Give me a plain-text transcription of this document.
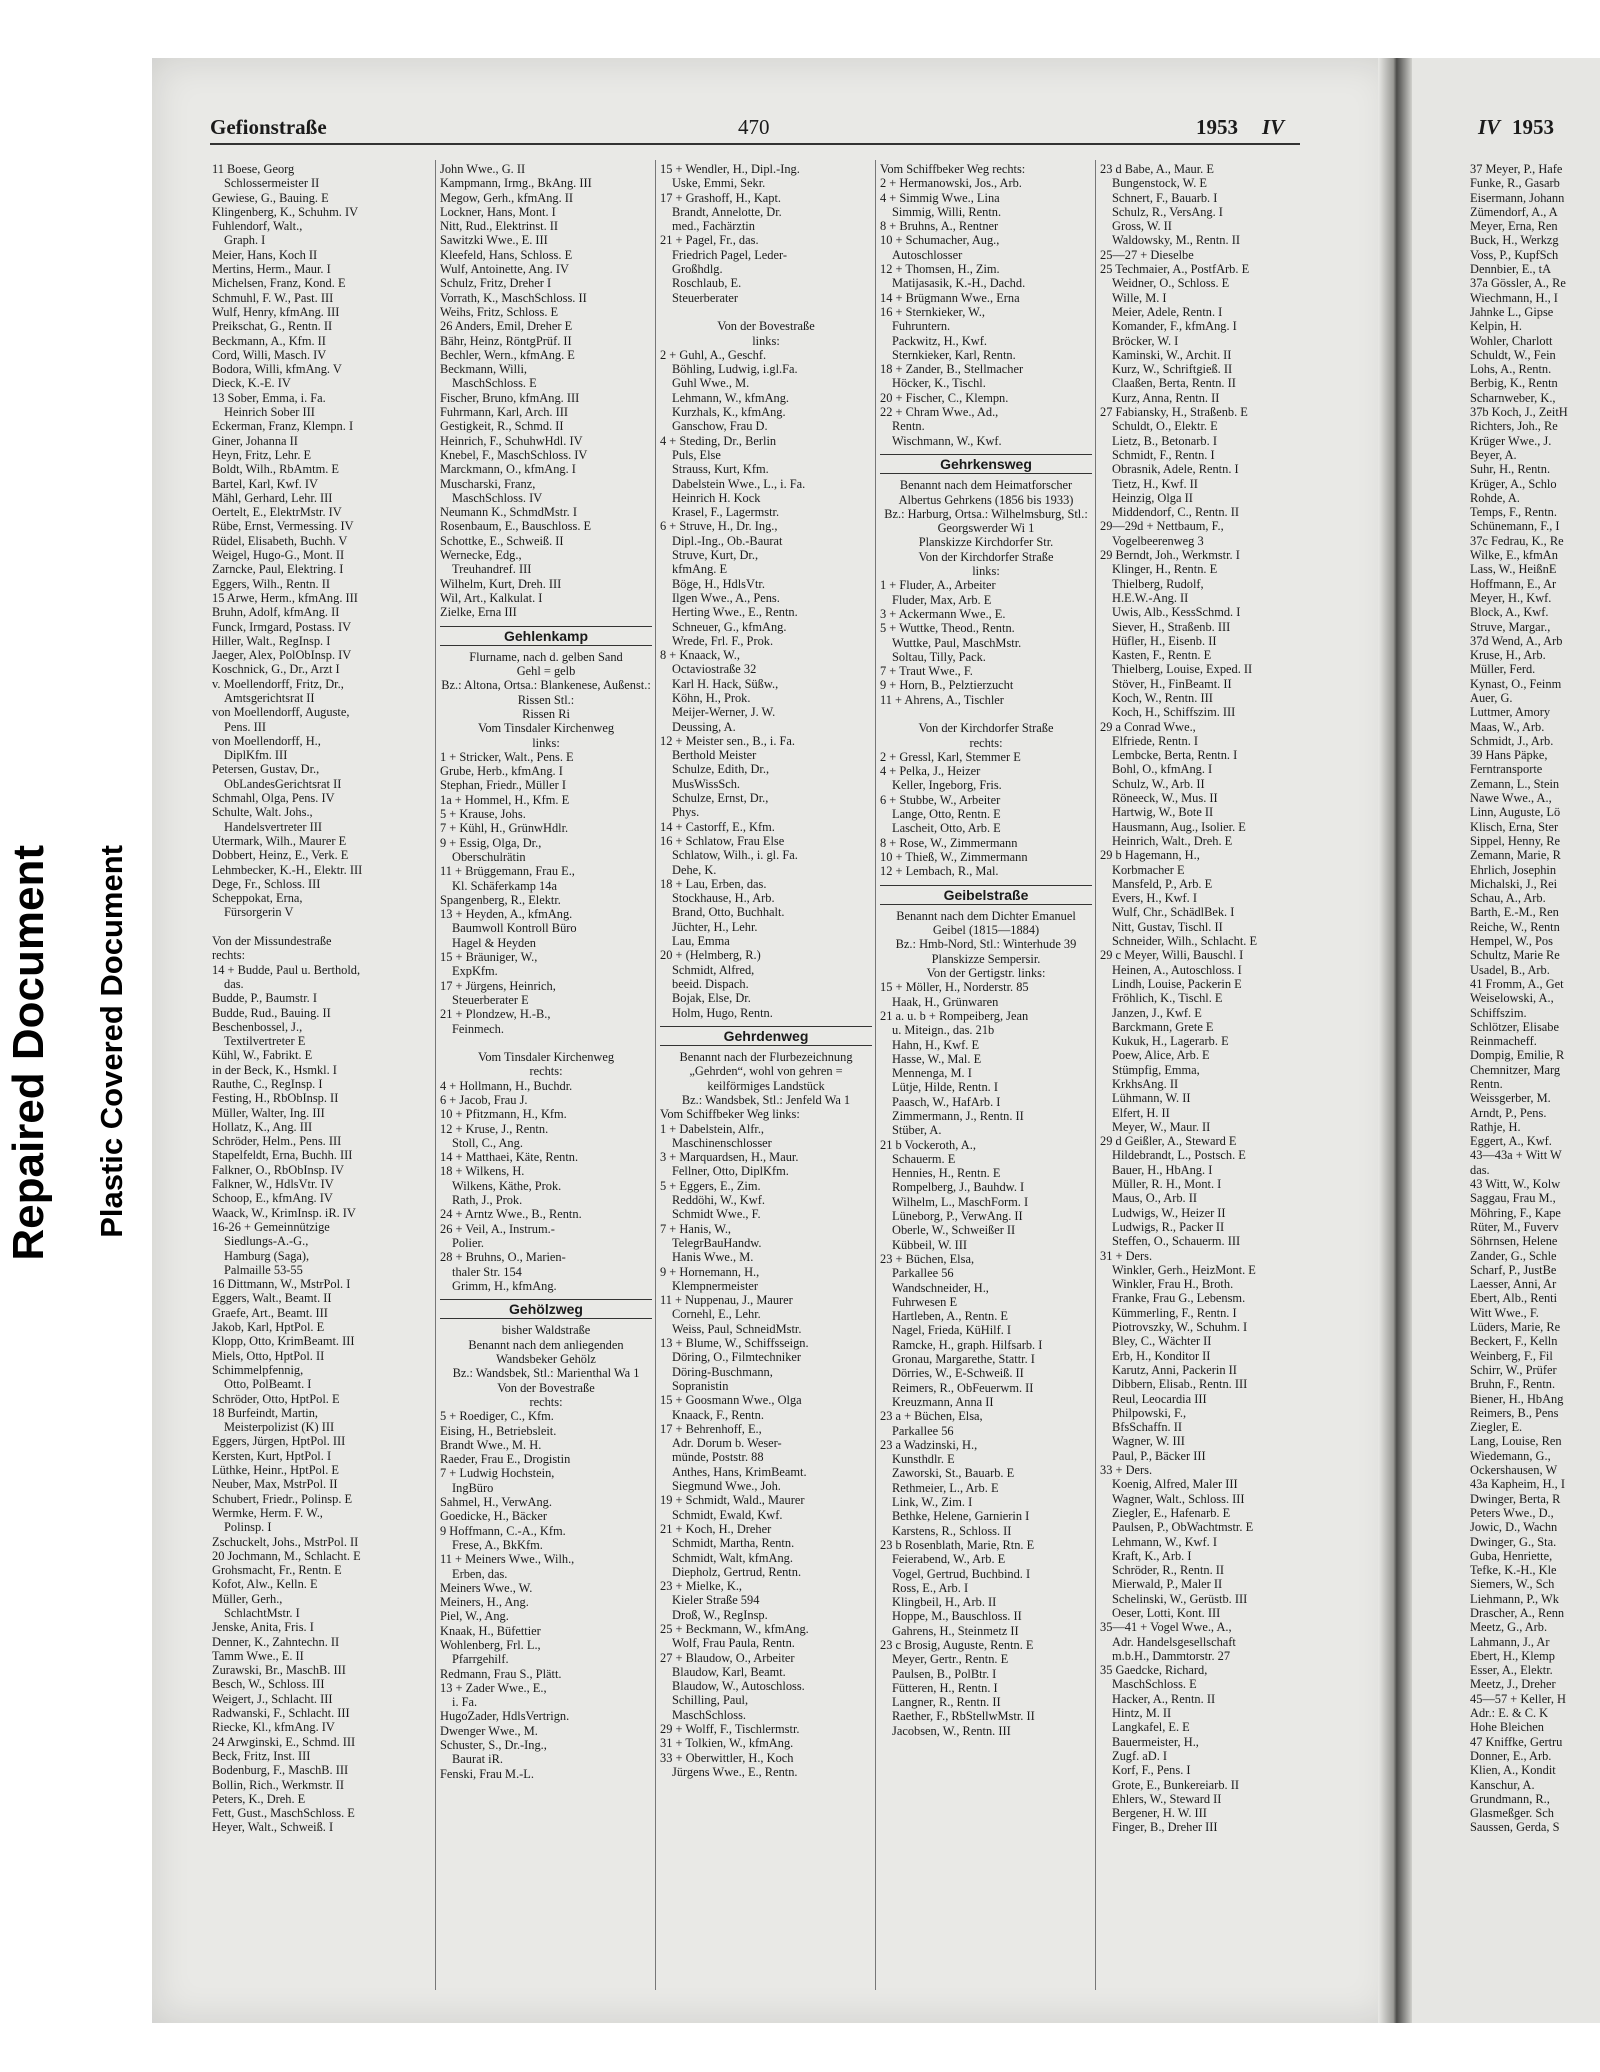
Repaired Document Plastic Covered Document
Gefionstraße	470	1953 IV	IV 1953
11 Boese, Georg
Schlossermeister II
Gewiese, G., Bauing. E
Klingenberg, K., Schuhm. IV
Fuhlendorf, Walt.,
Graph. I
Meier, Hans, Koch II
Mertins, Herm., Maur. I
Michelsen, Franz, Kond. E
Schmuhl, F. W., Past. III
Wulf, Henry, kfmAng. III
Preikschat, G., Rentn. II
Beckmann, A., Kfm. II
Cord, Willi, Masch. IV
Bodora, Willi, kfmAng. V
Dieck, K.-E. IV
13 Sober, Emma, i. Fa.
Heinrich Sober III
Eckerman, Franz, Klempn. I
Giner, Johanna II
Heyn, Fritz, Lehr. E
Boldt, Wilh., RbAmtm. E
Bartel, Karl, Kwf. IV
Mähl, Gerhard, Lehr. III
Oertelt, E., ElektrMstr. IV
Rübe, Ernst, Vermessing. IV
Rüdel, Elisabeth, Buchh. V
Weigel, Hugo-G., Mont. II
Zarncke, Paul, Elektring. I
Eggers, Wilh., Rentn. II
15 Arwe, Herm., kfmAng. III
Bruhn, Adolf, kfmAng. II
Funck, Irmgard, Postass. IV
Hiller, Walt., RegInsp. I
Jaeger, Alex, PolObInsp. IV
Koschnick, G., Dr., Arzt I
v. Moellendorff, Fritz, Dr.,
Amtsgerichtsrat II
von Moellendorff, Auguste,
Pens. III
von Moellendorff, H.,
DiplKfm. III
Petersen, Gustav, Dr.,
ObLandesGerichtsrat II
Schmahl, Olga, Pens. IV
Schulte, Walt. Johs.,
Handelsvertreter III
Utermark, Wilh., Maurer E
Dobbert, Heinz, E., Verk. E
Lehmbecker, K.-H., Elektr. III
Dege, Fr., Schloss. III
Scheppokat, Erna,
Fürsorgerin V

Von der Missundestraße
rechts:
14 + Budde, Paul u. Berthold,
das.
Budde, P., Baumstr. I
Budde, Rud., Bauing. II
Beschenbossel, J.,
Textilvertreter E
Kühl, W., Fabrikt. E
in der Beck, K., Hsmkl. I
Rauthe, C., RegInsp. I
Festing, H., RbObInsp. II
Müller, Walter, Ing. III
Hollatz, K., Ang. III
Schröder, Helm., Pens. III
Stapelfeldt, Erna, Buchh. III
Falkner, O., RbObInsp. IV
Falkner, W., HdlsVtr. IV
Schoop, E., kfmAng. IV
Waack, W., KrimInsp. iR. IV
16-26 + Gemeinnützige
Siedlungs-A.-G.,
Hamburg (Saga),
Palmaille 53-55
16 Dittmann, W., MstrPol. I
Eggers, Walt., Beamt. II
Graefe, Art., Beamt. III
Jakob, Karl, HptPol. E
Klopp, Otto, KrimBeamt. III
Miels, Otto, HptPol. II
Schimmelpfennig,
Otto, PolBeamt. I
Schröder, Otto, HptPol. E
18 Burfeindt, Martin,
Meisterpolizist (K) III
Eggers, Jürgen, HptPol. III
Kersten, Kurt, HptPol. I
Lüthke, Heinr., HptPol. E
Neuber, Max, MstrPol. II
Schubert, Friedr., Polinsp. E
Wermke, Herm. F. W.,
Polinsp. I
Zschuckelt, Johs., MstrPol. II
20 Jochmann, M., Schlacht. E
Grohsmacht, Fr., Rentn. E
Kofot, Alw., Kelln. E
Müller, Gerh.,
SchlachtMstr. I
Jenske, Anita, Fris. I
Denner, K., Zahntechn. II
Tamm Wwe., E. II
Zurawski, Br., MaschB. III
Besch, W., Schloss. III
Weigert, J., Schlacht. III
Radwanski, F., Schlacht. III
Riecke, Kl., kfmAng. IV
24 Arwginski, E., Schmd. III
Beck, Fritz, Inst. III
Bodenburg, F., MaschB. III
Bollin, Rich., Werkmstr. II
Peters, K., Dreh. E
Fett, Gust., MaschSchloss. E
Heyer, Walt., Schweiß. I
John Wwe., G. II
Kampmann, Irmg., BkAng. III
Megow, Gerh., kfmAng. II
Lockner, Hans, Mont. I
Nitt, Rud., Elektrinst. II
Sawitzki Wwe., E. III
Kleefeld, Hans, Schloss. E
Wulf, Antoinette, Ang. IV
Schulz, Fritz, Dreher I
Vorrath, K., MaschSchloss. II
Weihs, Fritz, Schloss. E
26 Anders, Emil, Dreher E
Bähr, Heinz, RöntgPrüf. II
Bechler, Wern., kfmAng. E
Beckmann, Willi,
MaschSchloss. E
Fischer, Bruno, kfmAng. III
Fuhrmann, Karl, Arch. III
Gestigkeit, R., Schmd. II
Heinrich, F., SchuhwHdl. IV
Knebel, F., MaschSchloss. IV
Marckmann, O., kfmAng. I
Muscharski, Franz,
MaschSchloss. IV
Neumann K., SchmdMstr. I
Rosenbaum, E., Bauschloss. E
Schottke, E., Schweiß. II
Wernecke, Edg.,
Treuhandref. III
Wilhelm, Kurt, Dreh. III
Wil, Art., Kalkulat. I
Zielke, Erna III
Gehlenkamp
Flurname, nach d. gelben Sand
Gehl = gelb
Bz.: Altona, Ortsa.: Blankenese, Außenst.: Rissen Stl.:
Rissen Ri
Vom Tinsdaler Kirchenweg
links:
1 + Stricker, Walt., Pens. E
Grube, Herb., kfmAng. I
Stephan, Friedr., Müller I
1a + Hommel, H., Kfm. E
5 + Krause, Johs.
7 + Kühl, H., GrünwHdlr.
9 + Essig, Olga, Dr.,
Oberschulrätin
11 + Brüggemann, Frau E.,
Kl. Schäferkamp 14a
Spangenberg, R., Elektr.
13 + Heyden, A., kfmAng.
Baumwoll Kontroll Büro
Hagel & Heyden
15 + Bräuniger, W.,
ExpKfm.
17 + Jürgens, Heinrich,
Steuerberater E
21 + Plondzew, H.-B.,
Feinmech.

Vom Tinsdaler Kirchenweg
rechts:
4 + Hollmann, H., Buchdr.
6 + Jacob, Frau J.
10 + Pfitzmann, H., Kfm.
12 + Kruse, J., Rentn.
Stoll, C., Ang.
14 + Matthaei, Käte, Rentn.
18 + Wilkens, H.
Wilkens, Käthe, Prok.
Rath, J., Prok.
24 + Arntz Wwe., B., Rentn.
26 + Veil, A., Instrum.-
Polier.
28 + Bruhns, O., Marien-
thaler Str. 154
Grimm, H., kfmAng.
Gehölzweg
bisher Waldstraße
Benannt nach dem anliegenden Wandsbeker Gehölz
Bz.: Wandsbek, Stl.: Marienthal Wa 1
Von der Bovestraße
rechts:
5 + Roediger, C., Kfm.
Eising, H., Betriebsleit.
Brandt Wwe., M. H.
Raeder, Frau E., Drogistin
7 + Ludwig Hochstein,
IngBüro
Sahmel, H., VerwAng.
Goedicke, H., Bäcker
9 Hoffmann, C.-A., Kfm.
Frese, A., BkKfm.
11 + Meiners Wwe., Wilh.,
Erben, das.
Meiners Wwe., W.
Meiners, H., Ang.
Piel, W., Ang.
Knaak, H., Büfettier
Wohlenberg, Frl. L.,
Pfarrgehilf.
Redmann, Frau S., Plätt.
13 + Zader Wwe., E.,
i. Fa.
HugoZader, HdlsVertrign.
Dwenger Wwe., M.
Schuster, S., Dr.-Ing.,
Baurat iR.
Fenski, Frau M.-L.
15 + Wendler, H., Dipl.-Ing.
Uske, Emmi, Sekr.
17 + Grashoff, H., Kapt.
Brandt, Annelotte, Dr.
med., Fachärztin
21 + Pagel, Fr., das.
Friedrich Pagel, Leder-
Großhdlg.
Roschlaub, E.
Steuerberater

Von der Bovestraße
links:
2 + Guhl, A., Geschf.
Böhling, Ludwig, i.gl.Fa.
Guhl Wwe., M.
Lehmann, W., kfmAng.
Kurzhals, K., kfmAng.
Ganschow, Frau D.
4 + Steding, Dr., Berlin
Puls, Else
Strauss, Kurt, Kfm.
Dabelstein Wwe., L., i. Fa.
Heinrich H. Kock
Krasel, F., Lagermstr.
6 + Struve, H., Dr. Ing.,
Dipl.-Ing., Ob.-Baurat
Struve, Kurt, Dr.,
kfmAng. E
Böge, H., HdlsVtr.
Ilgen Wwe., A., Pens.
Herting Wwe., E., Rentn.
Schneuer, G., kfmAng.
Wrede, Frl. F., Prok.
8 + Knaack, W.,
Octaviostraße 32
Karl H. Hack, Süßw.,
Köhn, H., Prok.
Meijer-Werner, J. W.
Deussing, A.
12 + Meister sen., B., i. Fa.
Berthold Meister
Schulze, Edith, Dr.,
MusWissSch.
Schulze, Ernst, Dr.,
Phys.
14 + Castorff, E., Kfm.
16 + Schlatow, Frau Else
Schlatow, Wilh., i. gl. Fa.
Dehe, K.
18 + Lau, Erben, das.
Stockhause, H., Arb.
Brand, Otto, Buchhalt.
Jüchter, H., Lehr.
Lau, Emma
20 + (Helmberg, R.)
Schmidt, Alfred,
beeid. Dispach.
Bojak, Else, Dr.
Holm, Hugo, Rentn.
Gehrdenweg
Benannt nach der Flurbezeichnung „Gehrden“, wohl von gehren = keilförmiges Landstück
Bz.: Wandsbek, Stl.: Jenfeld Wa 1
Vom Schiffbeker Weg links:
1 + Dabelstein, Alfr.,
Maschinenschlosser
3 + Marquardsen, H., Maur.
Fellner, Otto, DiplKfm.
5 + Eggers, E., Zim.
Reddöhi, W., Kwf.
Schmidt Wwe., F.
7 + Hanis, W.,
TelegrBauHandw.
Hanis Wwe., M.
9 + Hornemann, H.,
Klempnermeister
11 + Nuppenau, J., Maurer
Cornehl, E., Lehr.
Weiss, Paul, SchneidMstr.
13 + Blume, W., Schiffsseign.
Döring, O., Filmtechniker
Döring-Buschmann,
Sopranistin
15 + Goosmann Wwe., Olga
Knaack, F., Rentn.
17 + Behrenhoff, E.,
Adr. Dorum b. Weser-
münde, Poststr. 88
Anthes, Hans, KrimBeamt.
Siegmund Wwe., Joh.
19 + Schmidt, Wald., Maurer
Schmidt, Ewald, Kwf.
21 + Koch, H., Dreher
Schmidt, Martha, Rentn.
Schmidt, Walt, kfmAng.
Diepholz, Gertrud, Rentn.
23 + Mielke, K.,
Kieler Straße 594
Droß, W., RegInsp.
25 + Beckmann, W., kfmAng.
Wolf, Frau Paula, Rentn.
27 + Blaudow, O., Arbeiter
Blaudow, Karl, Beamt.
Blaudow, W., Autoschloss.
Schilling, Paul,
MaschSchloss.
29 + Wolff, F., Tischlermstr.
31 + Tolkien, W., kfmAng.
33 + Oberwittler, H., Koch
Jürgens Wwe., E., Rentn.
Vom Schiffbeker Weg rechts:
2 + Hermanowski, Jos., Arb.
4 + Simmig Wwe., Lina
Simmig, Willi, Rentn.
8 + Bruhns, A., Rentner
10 + Schumacher, Aug.,
Autoschlosser
12 + Thomsen, H., Zim.
Matijasasik, K.-H., Dachd.
14 + Brügmann Wwe., Erna
16 + Sternkieker, W.,
Fuhruntern.
Packwitz, H., Kwf.
Sternkieker, Karl, Rentn.
18 + Zander, B., Stellmacher
Höcker, K., Tischl.
20 + Fischer, C., Klempn.
22 + Chram Wwe., Ad.,
Rentn.
Wischmann, W., Kwf.
Gehrkensweg
Benannt nach dem Heimatforscher Albertus Gehrkens (1856 bis 1933)
Bz.: Harburg, Ortsa.: Wilhelmsburg, Stl.: Georgswerder Wi 1
Planskizze Kirchdorfer Str.
Von der Kirchdorfer Straße
links:
1 + Fluder, A., Arbeiter
Fluder, Max, Arb. E
3 + Ackermann Wwe., E.
5 + Wuttke, Theod., Rentn.
Wuttke, Paul, MaschMstr.
Soltau, Tilly, Pack.
7 + Traut Wwe., F.
9 + Horn, B., Pelztierzucht
11 + Ahrens, A., Tischler

Von der Kirchdorfer Straße
rechts:
2 + Gressl, Karl, Stemmer E
4 + Pelka, J., Heizer
Keller, Ingeborg, Fris.
6 + Stubbe, W., Arbeiter
Lange, Otto, Rentn. E
Lascheit, Otto, Arb. E
8 + Rose, W., Zimmermann
10 + Thieß, W., Zimmermann
12 + Lembach, R., Mal.
Geibelstraße
Benannt nach dem Dichter Emanuel Geibel (1815—1884)
Bz.: Hmb-Nord, Stl.: Winterhude 39
Planskizze Sempersir.
Von der Gertigstr. links:
15 + Möller, H., Norderstr. 85
Haak, H., Grünwaren
21 a. u. b + Rompeiberg, Jean
u. Miteign., das. 21b
Hahn, H., Kwf. E
Hasse, W., Mal. E
Mennenga, M. I
Lütje, Hilde, Rentn. I
Paasch, W., HafArb. I
Zimmermann, J., Rentn. II
Stüber, A.
21 b Vockeroth, A.,
Schauerm. E
Hennies, H., Rentn. E
Rompelberg, J., Bauhdw. I
Wilhelm, L., MaschForm. I
Lüneborg, P., VerwAng. II
Oberle, W., Schweißer II
Kübbeil, W. III
23 + Büchen, Elsa,
Parkallee 56
Wandschneider, H.,
Fuhrwesen E
Hartleben, A., Rentn. E
Nagel, Frieda, KüHilf. I
Ramcke, H., graph. Hilfsarb. I
Gronau, Margarethe, Stattr. I
Dörries, W., E-Schweiß. II
Reimers, R., ObFeuerwm. II
Kreuzmann, Anna II
23 a + Büchen, Elsa,
Parkallee 56
23 a Wadzinski, H.,
Kunsthdlr. E
Zaworski, St., Bauarb. E
Rethmeier, L., Arb. E
Link, W., Zim. I
Bethke, Helene, Garnierin I
Karstens, R., Schloss. II
23 b Rosenblath, Marie, Rtn. E
Feierabend, W., Arb. E
Vogel, Gertrud, Buchbind. I
Ross, E., Arb. I
Klingbeil, H., Arb. II
Hoppe, M., Bauschloss. II
Gahrens, H., Steinmetz II
23 c Brosig, Auguste, Rentn. E
Meyer, Gertr., Rentn. E
Paulsen, B., PolBtr. I
Fütteren, H., Rentn. I
Langner, R., Rentn. II
Raether, F., RbStellwMstr. II
Jacobsen, W., Rentn. III
23 d Babe, A., Maur. E
Bungenstock, W. E
Schnert, F., Bauarb. I
Schulz, R., VersAng. I
Gross, W. II
Waldowsky, M., Rentn. II
25—27 + Dieselbe
25 Techmaier, A., PostfArb. E
Weidner, O., Schloss. E
Wille, M. I
Meier, Adele, Rentn. I
Komander, F., kfmAng. I
Bröcker, W. I
Kaminski, W., Archit. II
Kurz, W., Schriftgieß. II
Claaßen, Berta, Rentn. II
Kurz, Anna, Rentn. II
27 Fabiansky, H., Straßenb. E
Schuldt, O., Elektr. E
Lietz, B., Betonarb. I
Schmidt, F., Rentn. I
Obrasnik, Adele, Rentn. I
Tietz, H., Kwf. II
Heinzig, Olga II
Middendorf, C., Rentn. II
29—29d + Nettbaum, F.,
Vogelbeerenweg 3
29 Berndt, Joh., Werkmstr. I
Klinger, H., Rentn. E
Thielberg, Rudolf,
H.E.W.-Ang. II
Uwis, Alb., KessSchmd. I
Siever, H., Straßenb. III
Hüfler, H., Eisenb. II
Kasten, F., Rentn. E
Thielberg, Louise, Exped. II
Stöver, H., FinBeamt. II
Koch, W., Rentn. III
Koch, H., Schiffszim. III
29 a Conrad Wwe.,
Elfriede, Rentn. I
Lembcke, Berta, Rentn. I
Bohl, O., kfmAng. I
Schulz, W., Arb. II
Röneeck, W., Mus. II
Hartwig, W., Bote II
Hausmann, Aug., Isolier. E
Heinrich, Walt., Dreh. E
29 b Hagemann, H.,
Korbmacher E
Mansfeld, P., Arb. E
Evers, H., Kwf. I
Wulf, Chr., SchädlBek. I
Nitt, Gustav, Tischl. II
Schneider, Wilh., Schlacht. E
29 c Meyer, Willi, Bauschl. I
Heinen, A., Autoschloss. I
Lindh, Louise, Packerin E
Fröhlich, K., Tischl. E
Janzen, J., Kwf. E
Barckmann, Grete E
Kukuk, H., Lagerarb. E
Poew, Alice, Arb. E
Stümpfig, Emma,
KrkhsAng. II
Lühmann, W. II
Elfert, H. II
Meyer, W., Maur. II
29 d Geißler, A., Steward E
Hildebrandt, L., Postsch. E
Bauer, H., HbAng. I
Müller, R. H., Mont. I
Maus, O., Arb. II
Ludwigs, W., Heizer II
Ludwigs, R., Packer II
Steffen, O., Schauerm. III
31 + Ders.
Winkler, Gerh., HeizMont. E
Winkler, Frau H., Broth.
Franke, Frau G., Lebensm.
Kümmerling, F., Rentn. I
Piotrovszky, W., Schuhm. I
Bley, C., Wächter II
Erb, H., Konditor II
Karutz, Anni, Packerin II
Dibbern, Elisab., Rentn. III
Reul, Leocardia III
Philpowski, F.,
BfsSchaffn. II
Wagner, W. III
Paul, P., Bäcker III
33 + Ders.
Koenig, Alfred, Maler III
Wagner, Walt., Schloss. III
Ziegler, E., Hafenarb. E
Paulsen, P., ObWachtmstr. E
Lehmann, W., Kwf. I
Kraft, K., Arb. I
Schröder, R., Rentn. II
Mierwald, P., Maler II
Schelinski, W., Gerüstb. III
Oeser, Lotti, Kont. III
35—41 + Vogel Wwe., A.,
Adr. Handelsgesellschaft
m.b.H., Dammtorstr. 27
35 Gaedcke, Richard,
MaschSchloss. E
Hacker, A., Rentn. II
Hintz, M. II
Langkafel, E. E
Bauermeister, H.,
Zugf. aD. I
Korf, F., Pens. I
Grote, E., Bunkereiarb. II
Ehlers, W., Steward II
Bergener, H. W. III
Finger, B., Dreher III
37 Meyer, P., Hafe
Funke, R., Gasarb
Eisermann, Johann
Zümendorf, A., A
Meyer, Erna, Ren
Buck, H., Werkzg
Voss, P., KupfSch
Dennbier, E., tA
37a Gössler, A., Re
Wiechmann, H., I
Jahnke L., Gipse
Kelpin, H.
Wohler, Charlott
Schuldt, W., Fein
Lohs, A., Rentn.
Berbig, K., Rentn
Scharnweber, K.,
37b Koch, J., ZeitH
Richters, Joh., Re
Krüger Wwe., J.
Beyer, A.
Suhr, H., Rentn.
Krüger, A., Schlo
Rohde, A.
Temps, F., Rentn.
Schünemann, F., I
37c Fedrau, K., Re
Wilke, E., kfmAn
Lass, W., HeißnE
Hoffmann, E., Ar
Meyer, H., Kwf.
Block, A., Kwf.
Struve, Margar.,
37d Wend, A., Arb
Kruse, H., Arb.
Müller, Ferd.
Kynast, O., Feinm
Auer, G.
Luttmer, Amory
Maas, W., Arb.
Schmidt, J., Arb.
39 Hans Päpke,
Ferntransporte
Zemann, L., Stein
Nawe Wwe., A.,
Linn, Auguste, Lö
Klisch, Erna, Ster
Sippel, Henny, Re
Zemann, Marie, R
Ehrlich, Josephin
Michalski, J., Rei
Schau, A., Arb.
Barth, E.-M., Ren
Reiche, W., Rentn
Hempel, W., Pos
Schultz, Marie Re
Usadel, B., Arb.
41 Fromm, A., Get
Weiselowski, A.,
Schiffszim.
Schlötzer, Elisabe
Reinmacheff.
Dompig, Emilie, R
Chemnitzer, Marg
Rentn.
Weissgerber, M.
Arndt, P., Pens.
Rathje, H.
Eggert, A., Kwf.
43—43a + Witt W
das.
43 Witt, W., Kolw
Saggau, Frau M.,
Möhring, F., Kape
Rüter, M., Fuverv
Söhrnsen, Helene
Zander, G., Schle
Scharf, P., JustBe
Laesser, Anni, Ar
Ebert, Alb., Renti
Witt Wwe., F.
Lüders, Marie, Re
Beckert, F., Kelln
Weinberg, F., Fil
Schirr, W., Prüfer
Bruhn, F., Rentn.
Biener, H., HbAng
Reimers, B., Pens
Ziegler, E.
Lang, Louise, Ren
Wiedemann, G.,
Ockershausen, W
43a Kapheim, H., I
Dwinger, Berta, R
Peters Wwe., D.,
Jowic, D., Wachn
Dwinger, G., Sta.
Guba, Henriette,
Tefke, K.-H., Kle
Siemers, W., Sch
Liehmann, P., Wk
Drascher, A., Renn
Meetz, G., Arb.
Lahmann, J., Ar
Ebert, H., Klemp
Esser, A., Elektr.
Meetz, J., Dreher
45—57 + Keller, H
Adr.: E. & C. K
Hohe Bleichen
47 Kniffke, Gertru
Donner, E., Arb.
Klien, A., Kondit
Kanschur, A.
Grundmann, R.,
Glasmeßger. Sch
Saussen, Gerda, S
